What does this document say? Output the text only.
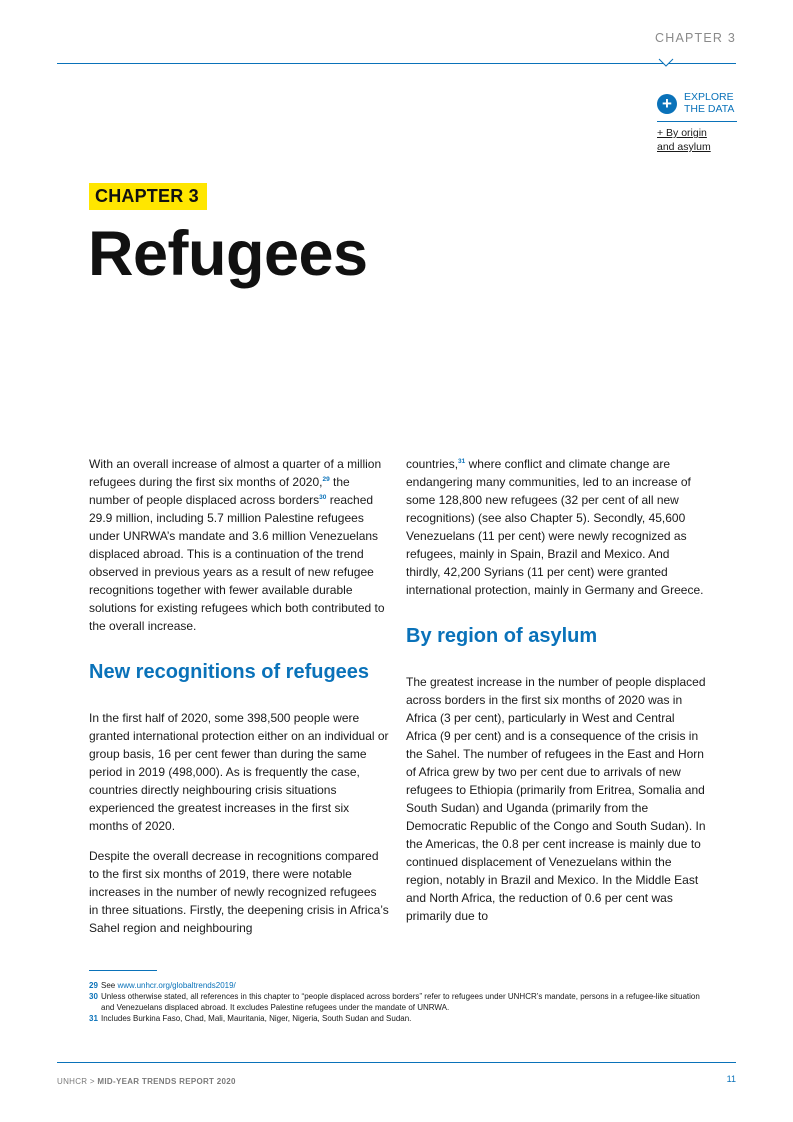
CHAPTER 3
+	EXPLORE
THE DATA
+ By origin
and asylum
CHAPTER 3
Refugees

With an overall increase of almost a quarter of a million refugees during the first six months of 2020,29 the number of people displaced across borders$^{30}$ reached 29.9 million, including 5.7 million Palestine refugees under UNRWA’s mandate and 3.6 million Venezuelans displaced abroad. This is a continuation of the trend observed in previous years as a result of new refugee recognitions together with fewer available durable solutions for existing refugees which both contributed to the overall increase.

New recognitions of refugees

In the first half of 2020, some 398,500 people were granted international protection either on an individual or group basis, 16 per cent fewer than during the same period in 2019 (498,000). As is frequently the case, countries directly neighbouring crisis situations experienced the greatest increases in the first six months of 2020.

Despite the overall decrease in recognitions compared to the first six months of 2019, there were notable increases in the number of newly recognized refugees in three situations. Firstly, the deepening crisis in Africa’s Sahel region and neighbouring

countries,$^{31}$ where conflict and climate change are endangering many communities, led to an increase of some 128,800 new refugees (32 per cent of all new recognitions) (see also Chapter 5). Secondly, 45,600 Venezuelans (11 per cent) were newly recognized as refugees, mainly in Spain, Brazil and Mexico. And thirdly, 42,200 Syrians (11 per cent) were granted international protection, mainly in Germany and Greece.

By region of asylum

The greatest increase in the number of people displaced across borders in the first six months of 2020 was in Africa (3 per cent), particularly in West and Central Africa (9 per cent) and is a consequence of the crisis in the Sahel. The number of refugees in the East and Horn of Africa grew by two per cent due to arrivals of new refugees to Ethiopia (primarily from Eritrea, Somalia and South Sudan) and Uganda (primarily from the Democratic Republic of the Congo and South Sudan). In the Americas, the 0.8 per cent increase is mainly due to continued displacement of Venezuelans within the region, notably in Brazil and Mexico. In the Middle East and North Africa, the reduction of 0.6 per cent was primarily due to

29 See www.unhcr.org/globaltrends2019/
30 Unless otherwise stated, all references in this chapter to “people displaced across borders” refer to refugees under UNHCR’s mandate, persons in a refugee-like situation and Venezuelans displaced abroad. It excludes Palestine refugees under the mandate of UNRWA.
31 Includes Burkina Faso, Chad, Mali, Mauritania, Niger, Nigeria, South Sudan and Sudan.
UNHCR > MID-YEAR TRENDS REPORT 2020	11
